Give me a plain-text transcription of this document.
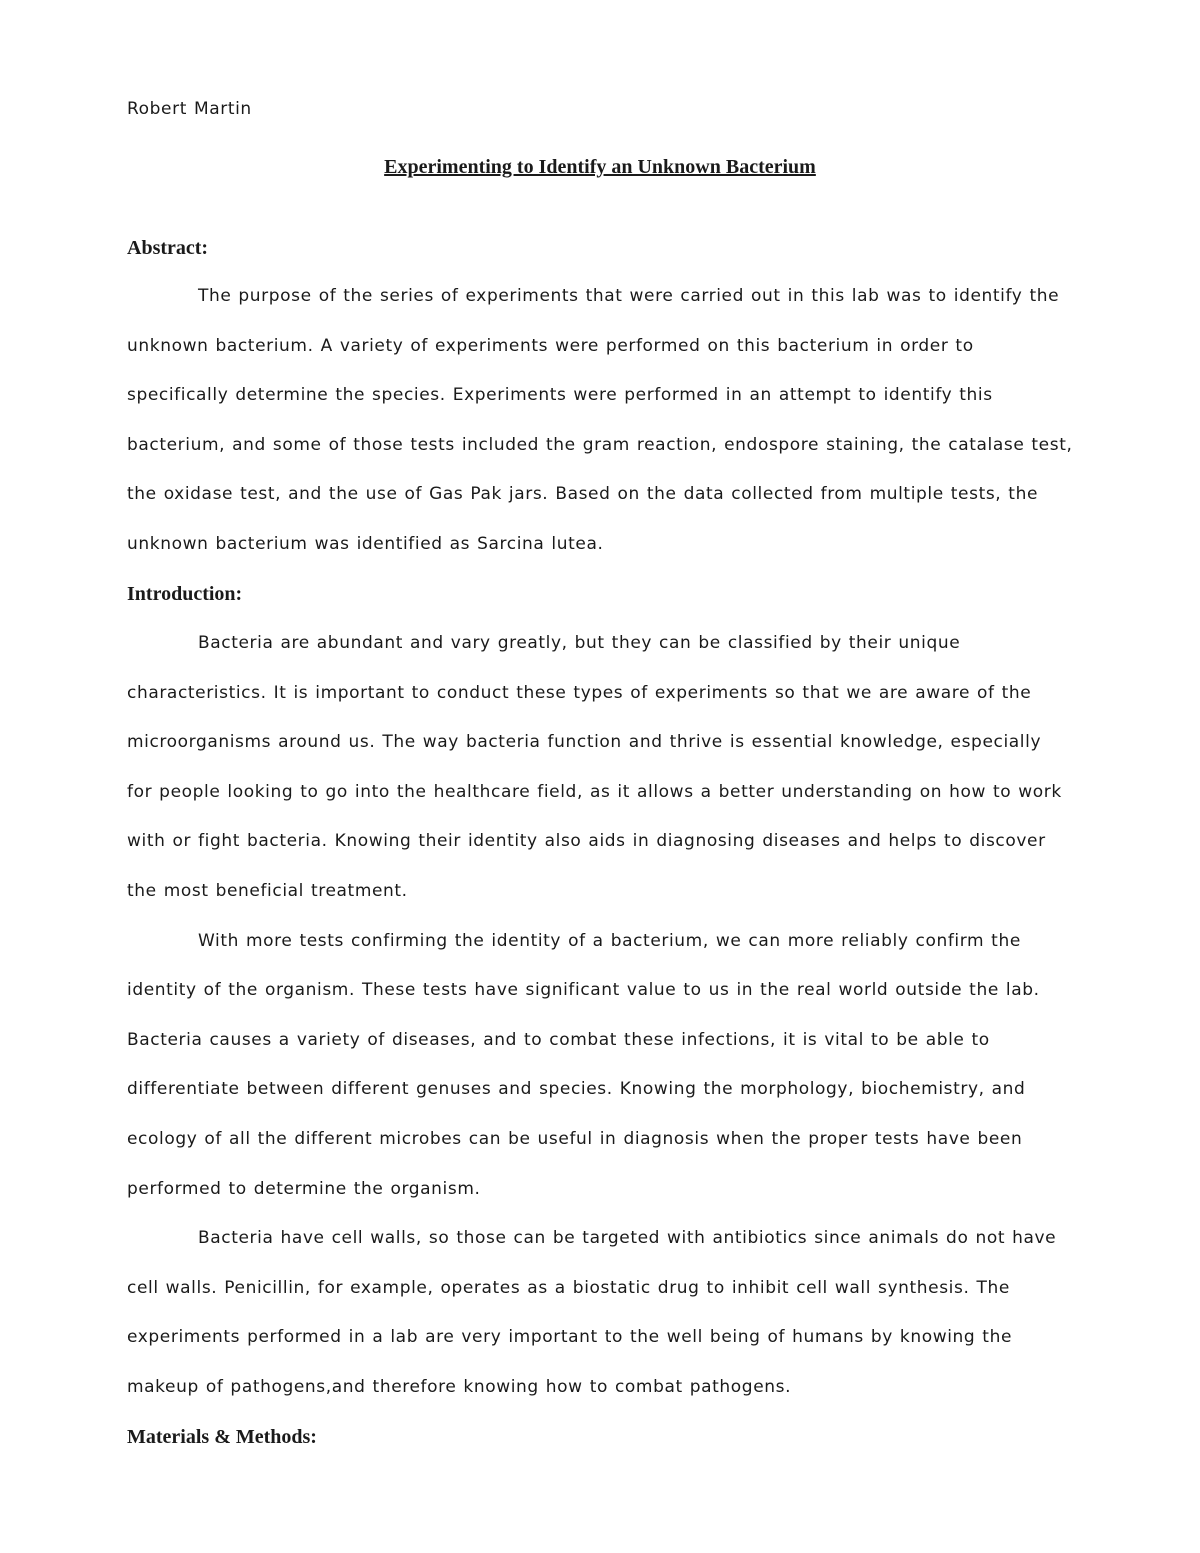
Robert Martin
Experimenting to Identify an Unknown Bacterium
Abstract:
The purpose of the series of experiments that were carried out in this lab was to identify the
unknown bacterium. A variety of experiments were performed on this bacterium in order to
specifically determine the species. Experiments were performed in an attempt to identify this
bacterium, and some of those tests included the gram reaction, endospore staining, the catalase test,
the oxidase test, and the use of Gas Pak jars. Based on the data collected from multiple tests, the
unknown bacterium was identified as Sarcina lutea.
Introduction:
Bacteria are abundant and vary greatly, but they can be classified by their unique
characteristics. It is important to conduct these types of experiments so that we are aware of the
microorganisms around us. The way bacteria function and thrive is essential knowledge, especially
for people looking to go into the healthcare field, as it allows a better understanding on how to work
with or fight bacteria. Knowing their identity also aids in diagnosing diseases and helps to discover
the most beneficial treatment.
With more tests confirming the identity of a bacterium, we can more reliably confirm the
identity of the organism. These tests have significant value to us in the real world outside the lab.
Bacteria causes a variety of diseases, and to combat these infections, it is vital to be able to
differentiate between different genuses and species. Knowing the morphology, biochemistry, and
ecology of all the different microbes can be useful in diagnosis when the proper tests have been
performed to determine the organism.
Bacteria have cell walls, so those can be targeted with antibiotics since animals do not have
cell walls. Penicillin, for example, operates as a biostatic drug to inhibit cell wall synthesis. The
experiments performed in a lab are very important to the well being of humans by knowing the
makeup of pathogens,and therefore knowing how to combat pathogens.
Materials & Methods:
